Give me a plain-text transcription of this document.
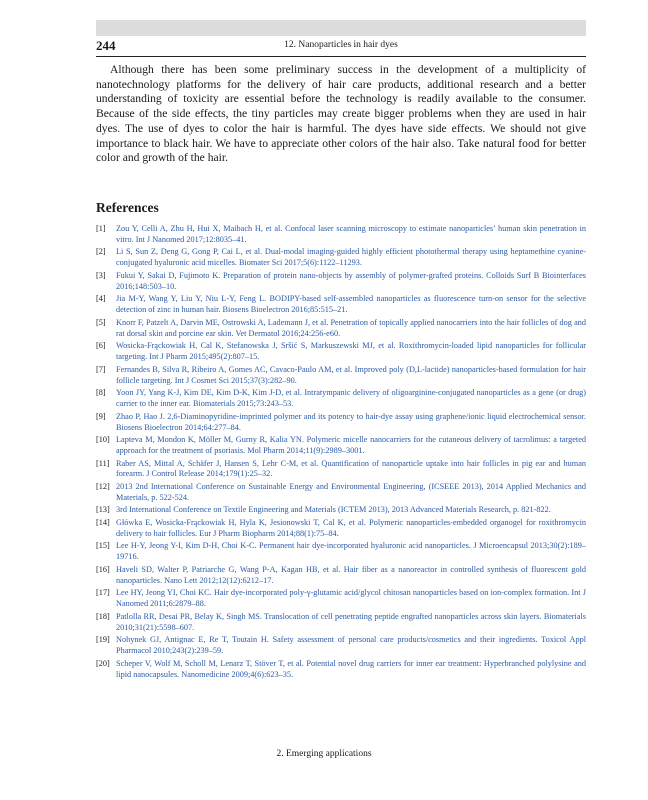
244	12. Nanoparticles in hair dyes

Although there has been some preliminary success in the development of a multiplicity of nanotechnology platforms for the delivery of hair care products, additional research and a better understanding of toxicity are essential before the technology is readily available to the consumer. Because of the side effects, the tiny particles may create bigger problems when they are used in hair dyes. The use of dyes to color the hair is harmful. The dyes have side effects. We should not give importance to black hair. We have to appreciate other colors of the hair also. Take natural food for better color and growth of the hair.

References
[1] Zou Y, Celli A, Zhu H, Hui X, Maibach H, et al. Confocal laser scanning microscopy to estimate nanoparticles’ human skin penetration in vitro. Int J Nanomed 2017;12:8035–41.
[2] Li S, Sun Z, Deng G, Gong P, Cai L, et al. Dual-modal imaging-guided highly efficient photothermal therapy using heptamethine cyanine-conjugated hyaluronic acid micelles. Biomater Sci 2017;5(6):1122–11293.
[3] Fukui Y, Sakai D, Fujimoto K. Preparation of protein nano-objects by assembly of polymer-grafted proteins. Colloids Surf B Biointerfaces 2016;148:503–10.
[4] Jia M-Y, Wang Y, Liu Y, Niu L-Y, Feng L. BODIPY-based self-assembled nanoparticles as fluorescence turn-on sensor for the selective detection of zinc in human hair. Biosens Bioelectron 2016;85:515–21.
[5] Knorr F, Patzelt A, Darvin ME, Ostrowski A, Lademann J, et al. Penetration of topically applied nanocarriers into the hair follicles of dog and rat dorsal skin and porcine ear skin. Vet Dermatol 2016;24:256-e60.
[6] Wosicka-Frąckowiak H, Cal K, Stefanowska J, Sršić S, Markuszewski MJ, et al. Roxithromycin-loaded lipid nanoparticles for follicular targeting. Int J Pharm 2015;495(2):807–15.
[7] Fernandes B, Silva R, Ribeiro A, Gomes AC, Cavaco-Paulo AM, et al. Improved poly (D,L-lactide) nanoparticles-based formulation for hair follicle targeting. Int J Cosmet Sci 2015;37(3):282–90.
[8] Yoon JY, Yang K-J, Kim DE, Kim D-K, Kim J-D, et al. Intratympanic delivery of oligoarginine-conjugated nanoparticles as a gene (or drug) carrier to the inner ear. Biomaterials 2015;73:243–53.
[9] Zhao P, Hao J. 2,6-Diaminopyridine-imprinted polymer and its potency to hair-dye assay using graphene/ionic liquid electrochemical sensor. Biosens Bioelectron 2014;64:277–84.
[10] Lapteva M, Mondon K, Möller M, Gurny R, Kalia YN. Polymeric micelle nanocarriers for the cutaneous delivery of tacrolimus: a targeted approach for the treatment of psoriasis. Mol Pharm 2014;11(9):2989–3001.
[11] Raber AS, Mittal A, Schäfer J, Hansen S, Lehr C-M, et al. Quantification of nanoparticle uptake into hair follicles in pig ear and human forearm. J Control Release 2014;179(1):25–32.
[12] 2013 2nd International Conference on Sustainable Energy and Environmental Engineering, (ICSEEE 2013), 2014 Applied Mechanics and Materials, p. 522-524.
[13] 3rd International Conference on Textile Engineering and Materials (ICTEM 2013), 2013 Advanced Materials Research, p. 821-822.
[14] Główka E, Wosicka-Frąckowiak H, Hyla K, Jesionowski T, Cal K, et al. Polymeric nanoparticles-embedded organogel for roxithromycin delivery to hair follicles. Eur J Pharm Biopharm 2014;88(1):75–84.
[15] Lee H-Y, Jeong Y-I, Kim D-H, Choi K-C. Permanent hair dye-incorporated hyaluronic acid nanoparticles. J Microencapsul 2013;30(2):189–19716.
[16] Haveli SD, Walter P, Patriarche G, Wang P-A, Kagan HB, et al. Hair fiber as a nanoreactor in controlled synthesis of fluorescent gold nanoparticles. Nano Lett 2012;12(12):6212–17.
[17] Lee HY, Jeong YI, Choi KC. Hair dye-incorporated poly-γ-glutamic acid/glycol chitosan nanoparticles based on ion-complex formation. Int J Nanomed 2011;6:2879–88.
[18] Patlolla RR, Desai PR, Belay K, Singh MS. Translocation of cell penetrating peptide engrafted nanoparticles across skin layers. Biomaterials 2010;31(21):5598–607.
[19] Nohynek GJ, Antignac E, Re T, Toutain H. Safety assessment of personal care products/cosmetics and their ingredients. Toxicol Appl Pharmacol 2010;243(2):239–59.
[20] Scheper V, Wolf M, Scholl M, Lenarz T, Stöver T, et al. Potential novel drug carriers for inner ear treatment: Hyperbranched polylysine and lipid nanocapsules. Nanomedicine 2009;4(6):623–35.
2. Emerging applications
